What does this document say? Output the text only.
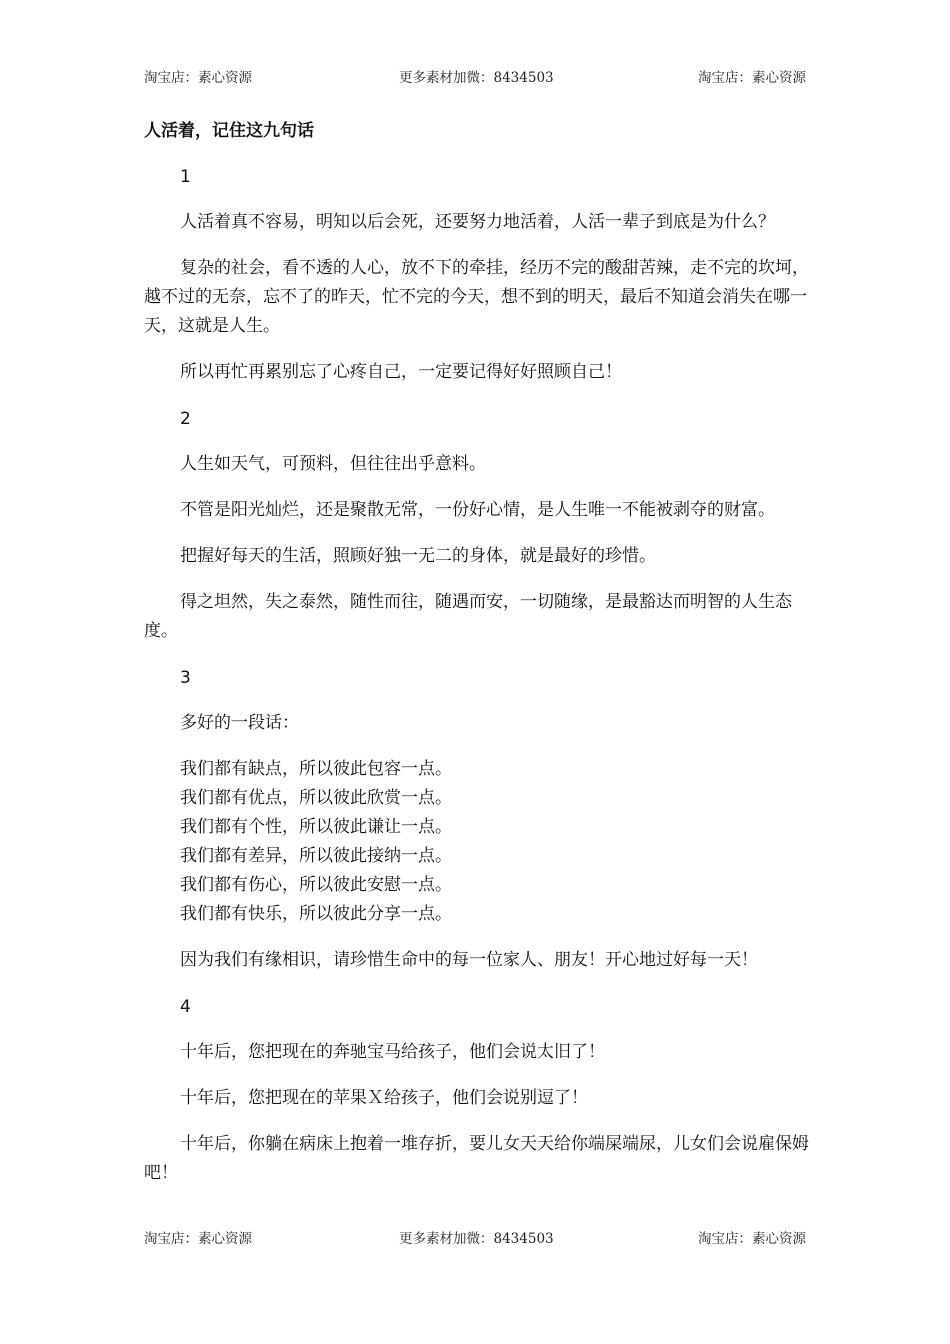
淘宝店：素心资源	更多素材加微：8434503	淘宝店：素心资源
人活着，记住这九句话
1
人活着真不容易，明知以后会死，还要努力地活着，人活一辈子到底是为什么？
复杂的社会，看不透的人心，放不下的牵挂，经历不完的酸甜苦辣，走不完的坎坷，越不过的无奈，忘不了的昨天，忙不完的今天，想不到的明天，最后不知道会消失在哪一天，这就是人生。
所以再忙再累别忘了心疼自己，一定要记得好好照顾自己！
2
人生如天气，可预料，但往往出乎意料。
不管是阳光灿烂，还是聚散无常，一份好心情，是人生唯一不能被剥夺的财富。
把握好每天的生活，照顾好独一无二的身体，就是最好的珍惜。
得之坦然，失之泰然，随性而往，随遇而安，一切随缘，是最豁达而明智的人生态度。
3
多好的一段话：
我们都有缺点，所以彼此包容一点。
我们都有优点，所以彼此欣赏一点。
我们都有个性，所以彼此谦让一点。
我们都有差异，所以彼此接纳一点。
我们都有伤心，所以彼此安慰一点。
我们都有快乐，所以彼此分享一点。
因为我们有缘相识，请珍惜生命中的每一位家人、朋友！开心地过好每一天！
4
十年后，您把现在的奔驰宝马给孩子，他们会说太旧了！
十年后，您把现在的苹果Ｘ给孩子，他们会说别逗了！
十年后，你躺在病床上抱着一堆存折，要儿女天天给你端屎端尿，儿女们会说雇保姆吧！
淘宝店：素心资源	更多素材加微：8434503	淘宝店：素心资源
